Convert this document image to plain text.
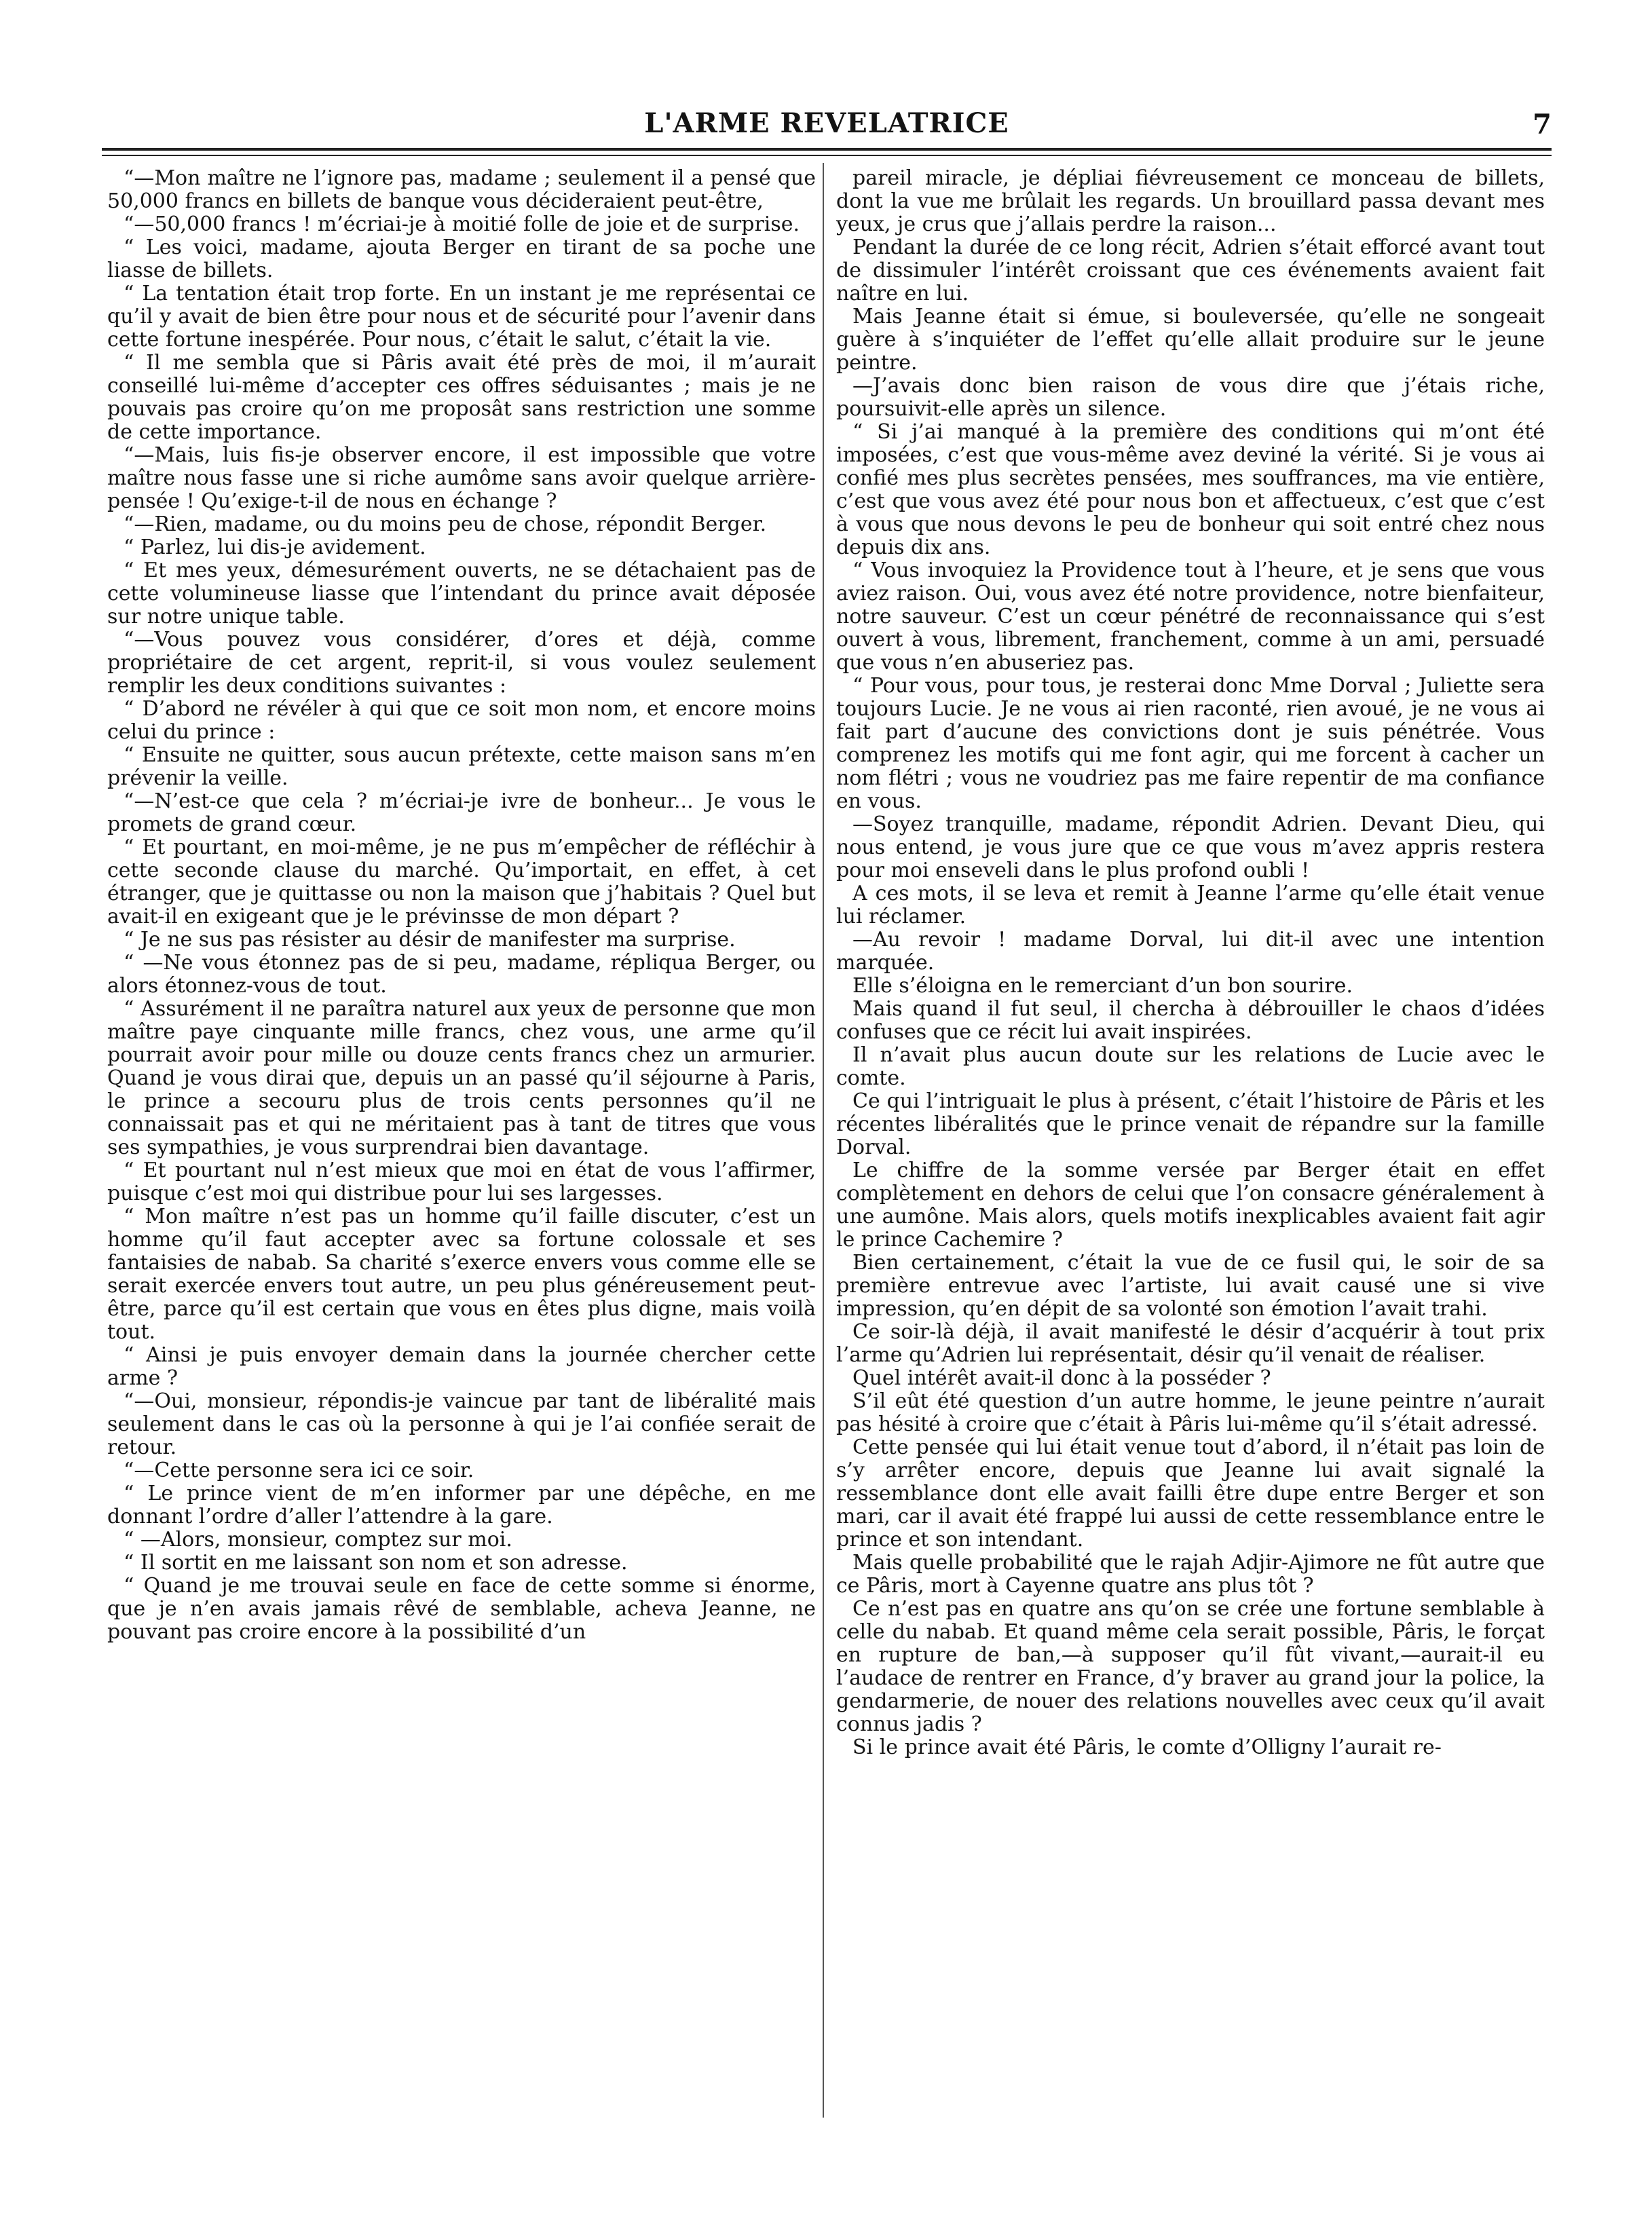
L'ARME REVELATRICE	7

“—Mon maître ne l’ignore pas, madame ; seulement il a pensé que 50,000 francs en billets de banque vous décideraient peut-être,

“—50,000 francs ! m’écriai-je à moitié folle de joie et de surprise.

“ Les voici, madame, ajouta Berger en tirant de sa poche une liasse de billets.

“ La tentation était trop forte. En un instant je me représentai ce qu’il y avait de bien être pour nous et de sécurité pour l’avenir dans cette fortune inespérée. Pour nous, c’était le salut, c’était la vie.

“ Il me sembla que si Pâris avait été près de moi, il m’aurait conseillé lui-même d’accepter ces offres séduisantes ; mais je ne pouvais pas croire qu’on me proposât sans restriction une somme de cette importance.

“—Mais, luis fis-je observer encore, il est impossible que votre maître nous fasse une si riche aumôme sans avoir quelque arrière-pensée ! Qu’exige-t-il de nous en échange ?

“—Rien, madame, ou du moins peu de chose, répondit Berger.

“ Parlez, lui dis-je avidement.

“ Et mes yeux, démesurément ouverts, ne se détachaient pas de cette volumineuse liasse que l’intendant du prince avait déposée sur notre unique table.

“—Vous pouvez vous considérer, d’ores et déjà, comme propriétaire de cet argent, reprit-il, si vous voulez seulement remplir les deux conditions suivantes :

“ D’abord ne révéler à qui que ce soit mon nom, et encore moins celui du prince :

“ Ensuite ne quitter, sous aucun prétexte, cette maison sans m’en prévenir la veille.

“—N’est-ce que cela ? m’écriai-je ivre de bonheur... Je vous le promets de grand cœur.

“ Et pourtant, en moi-même, je ne pus m’empêcher de réfléchir à cette seconde clause du marché. Qu’importait, en effet, à cet étranger, que je quittasse ou non la maison que j’habitais ? Quel but avait-il en exigeant que je le prévinsse de mon départ ?

“ Je ne sus pas résister au désir de manifester ma surprise.

“ —Ne vous étonnez pas de si peu, madame, répliqua Berger, ou alors étonnez-vous de tout.

“ Assurément il ne paraîtra naturel aux yeux de personne que mon maître paye cinquante mille francs, chez vous, une arme qu’il pourrait avoir pour mille ou douze cents francs chez un armurier. Quand je vous dirai que, depuis un an passé qu’il séjourne à Paris, le prince a secouru plus de trois cents personnes qu’il ne connaissait pas et qui ne méritaient pas à tant de titres que vous ses sympathies, je vous surprendrai bien davantage.

“ Et pourtant nul n’est mieux que moi en état de vous l’affirmer, puisque c’est moi qui distribue pour lui ses largesses.

“ Mon maître n’est pas un homme qu’il faille discuter, c’est un homme qu’il faut accepter avec sa fortune colossale et ses fantaisies de nabab. Sa charité s’exerce envers vous comme elle se serait exercée envers tout autre, un peu plus généreusement peut-être, parce qu’il est certain que vous en êtes plus digne, mais voilà tout.

“ Ainsi je puis envoyer demain dans la journée chercher cette arme ?

“—Oui, monsieur, répondis-je vaincue par tant de libéralité mais seulement dans le cas où la personne à qui je l’ai confiée serait de retour.

“—Cette personne sera ici ce soir.

“ Le prince vient de m’en informer par une dépêche, en me donnant l’ordre d’aller l’attendre à la gare.

“ —Alors, monsieur, comptez sur moi.

“ Il sortit en me laissant son nom et son adresse.

“ Quand je me trouvai seule en face de cette somme si énorme, que je n’en avais jamais rêvé de semblable, acheva Jeanne, ne pouvant pas croire encore à la possibilité d’un

pareil miracle, je dépliai fiévreusement ce monceau de billets, dont la vue me brûlait les regards. Un brouillard passa devant mes yeux, je crus que j’allais perdre la raison...

Pendant la durée de ce long récit, Adrien s’était efforcé avant tout de dissimuler l’intérêt croissant que ces événements avaient fait naître en lui.

Mais Jeanne était si émue, si bouleversée, qu’elle ne songeait guère à s’inquiéter de l’effet qu’elle allait produire sur le jeune peintre.

—J’avais donc bien raison de vous dire que j’étais riche, poursuivit-elle après un silence.

“ Si j’ai manqué à la première des conditions qui m’ont été imposées, c’est que vous-même avez deviné la vérité. Si je vous ai confié mes plus secrètes pensées, mes souffrances, ma vie entière, c’est que vous avez été pour nous bon et affectueux, c’est que c’est à vous que nous devons le peu de bonheur qui soit entré chez nous depuis dix ans.

“ Vous invoquiez la Providence tout à l’heure, et je sens que vous aviez raison. Oui, vous avez été notre providence, notre bienfaiteur, notre sauveur. C’est un cœur pénétré de reconnaissance qui s’est ouvert à vous, librement, franchement, comme à un ami, persuadé que vous n’en abuseriez pas.

“ Pour vous, pour tous, je resterai donc Mme Dorval ; Juliette sera toujours Lucie. Je ne vous ai rien raconté, rien avoué, je ne vous ai fait part d’aucune des convictions dont je suis pénétrée. Vous comprenez les motifs qui me font agir, qui me forcent à cacher un nom flétri ; vous ne voudriez pas me faire repentir de ma confiance en vous.

—Soyez tranquille, madame, répondit Adrien. Devant Dieu, qui nous entend, je vous jure que ce que vous m’avez appris restera pour moi enseveli dans le plus profond oubli !

A ces mots, il se leva et remit à Jeanne l’arme qu’elle était venue lui réclamer.

—Au revoir ! madame Dorval, lui dit-il avec une intention marquée.

Elle s’éloigna en le remerciant d’un bon sourire.

Mais quand il fut seul, il chercha à débrouiller le chaos d’idées confuses que ce récit lui avait inspirées.

Il n’avait plus aucun doute sur les relations de Lucie avec le comte.

Ce qui l’intriguait le plus à présent, c’était l’histoire de Pâris et les récentes libéralités que le prince venait de répandre sur la famille Dorval.

Le chiffre de la somme versée par Berger était en effet complètement en dehors de celui que l’on consacre généralement à une aumône. Mais alors, quels motifs inexplicables avaient fait agir le prince Cachemire ?

Bien certainement, c’était la vue de ce fusil qui, le soir de sa première entrevue avec l’artiste, lui avait causé une si vive impression, qu’en dépit de sa volonté son émotion l’avait trahi.

Ce soir-là déjà, il avait manifesté le désir d’acquérir à tout prix l’arme qu’Adrien lui représentait, désir qu’il venait de réaliser.

Quel intérêt avait-il donc à la posséder ?

S’il eût été question d’un autre homme, le jeune peintre n’aurait pas hésité à croire que c’était à Pâris lui-même qu’il s’était adressé.

Cette pensée qui lui était venue tout d’abord, il n’était pas loin de s’y arrêter encore, depuis que Jeanne lui avait signalé la ressemblance dont elle avait failli être dupe entre Berger et son mari, car il avait été frappé lui aussi de cette ressemblance entre le prince et son intendant.

Mais quelle probabilité que le rajah Adjir-Ajimore ne fût autre que ce Pâris, mort à Cayenne quatre ans plus tôt ?

Ce n’est pas en quatre ans qu’on se crée une fortune semblable à celle du nabab. Et quand même cela serait possible, Pâris, le forçat en rupture de ban,—à supposer qu’il fût vivant,—aurait-il eu l’audace de rentrer en France, d’y braver au grand jour la police, la gendarmerie, de nouer des relations nouvelles avec ceux qu’il avait connus jadis ?

Si le prince avait été Pâris, le comte d’Olligny l’aurait re-
